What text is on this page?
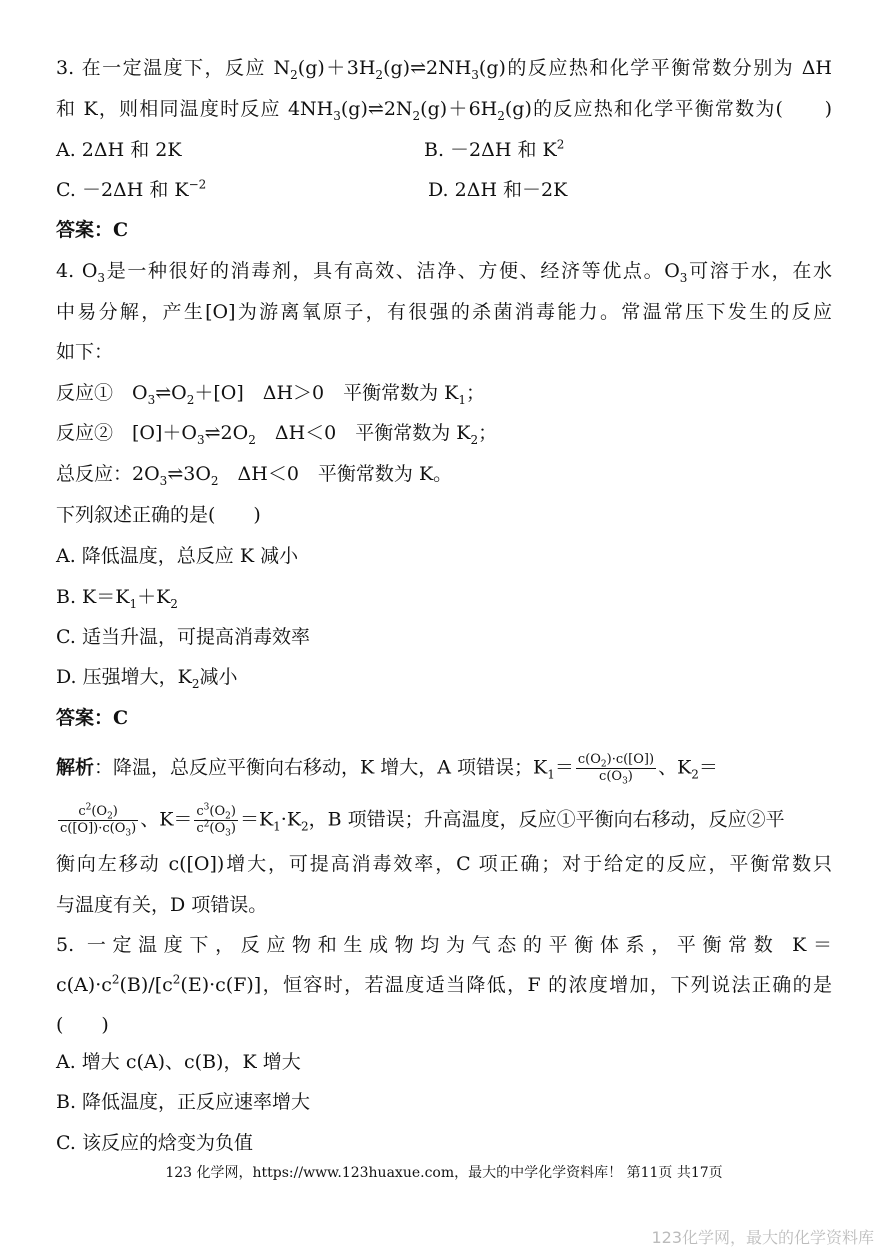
3. 在一定温度下，反应 $N_2(g)+3H_2(g)\rightleftharpoons 2NH_3(g)$的反应热和化学平衡常数分别为 ΔH
和 K，则相同温度时反应 $4NH_3(g)\rightleftharpoons 2N_2(g)+6H_2(g)$的反应热和化学平衡常数为(　　)
A. 2ΔH 和 2K	B. －2ΔH 和 $K^2$
C. －2ΔH 和 $K^{-2}$	D. 2ΔH 和－2K
答案：C
4. $O_3$是一种很好的消毒剂，具有高效、洁净、方便、经济等优点。$O_3$可溶于水，在水
中易分解，产生[O]为游离氧原子，有很强的杀菌消毒能力。常温常压下发生的反应
如下：
反应①　$O_3\rightleftharpoons O_2+[O]$　ΔH＞0　平衡常数为 $K_1$；
反应②　$[O]+O_3\rightleftharpoons 2O_2$　ΔH＜0　平衡常数为 $K_2$；
总反应：$2O_3\rightleftharpoons 3O_2$　ΔH＜0　平衡常数为 K。
下列叙述正确的是(　　)
A. 降低温度，总反应 K 减小
B. $K=K_1+K_2$
C. 适当升温，可提高消毒效率
D. 压强增大，$K_2$减小
答案：C
解析：降温，总反应平衡向右移动，K 增大，A 项错误；$K_1= \frac{c(O_2)\cdot c([O])}{c(O_3)}$ 、$K_2=$
$\frac{c^2(O_2)}{c([O])\cdot c(O_3)}$ 、$K= \frac{c^3(O_2)}{c^2(O_3)} =K_1\cdot K_2$，B 项错误；升高温度，反应①平衡向右移动，反应②平
衡向左移动 c([O])增大，可提高消毒效率，C 项正确；对于给定的反应，平衡常数只
与温度有关，D 项错误。
5. 一定温度下，反应物和生成物均为气态的平衡体系，平衡常数 K＝
$c(A)\cdot c^2(B)/[c^2(E)\cdot c(F)]$，恒容时，若温度适当降低，F 的浓度增加，下列说法正确的是
(　　)
A. 增大 c(A)、c(B)，K 增大
B. 降低温度，正反应速率增大
C. 该反应的焓变为负值
123 化学网，https://www.123huaxue.com，最大的中学化学资料库！ 第11页 共17页
123化学网，最大的化学资料库
